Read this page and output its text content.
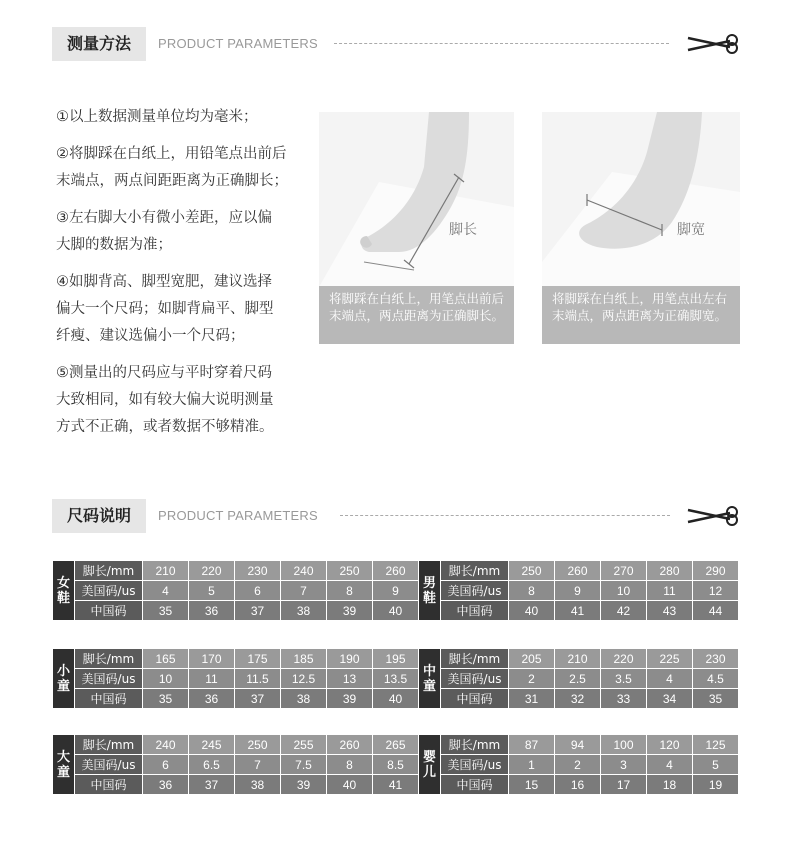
测量方法	PRODUCT PARAMETERS
①以上数据测量单位均为毫米；
②将脚踩在白纸上，用铅笔点出前后
末端点，两点间距距离为正确脚长；
③左右脚大小有微小差距，应以偏
大脚的数据为准；
④如脚背高、脚型宽肥，建议选择
偏大一个尺码；如脚背扁平、脚型
纤瘦、建议选偏小一个尺码；
⑤测量出的尺码应与平时穿着尺码
大致相同，如有较大偏大说明测量
方式不正确，或者数据不够精准。
脚长
将脚踩在白纸上，用笔点出前后末端点，两点距离为正确脚长。
脚宽
将脚踩在白纸上，用笔点出左右末端点，两点距离为正确脚宽。
尺码说明	PRODUCT PARAMETERS
女
鞋	脚长/mm	210	220	230	240	250	260
	美国码/us	4	5	6	7	8	9
	中国码	35	36	37	38	39	40
男
鞋	脚长/mm	250	260	270	280	290
	美国码/us	8	9	10	11	12
	中国码	40	41	42	43	44
小
童	脚长/mm	165	170	175	185	190	195
	美国码/us	10	11	11.5	12.5	13	13.5
	中国码	35	36	37	38	39	40
中
童	脚长/mm	205	210	220	225	230
	美国码/us	2	2.5	3.5	4	4.5
	中国码	31	32	33	34	35
大
童	脚长/mm	240	245	250	255	260	265
	美国码/us	6	6.5	7	7.5	8	8.5
	中国码	36	37	38	39	40	41
婴
儿	脚长/mm	87	94	100	120	125
	美国码/us	1	2	3	4	5
	中国码	15	16	17	18	19
